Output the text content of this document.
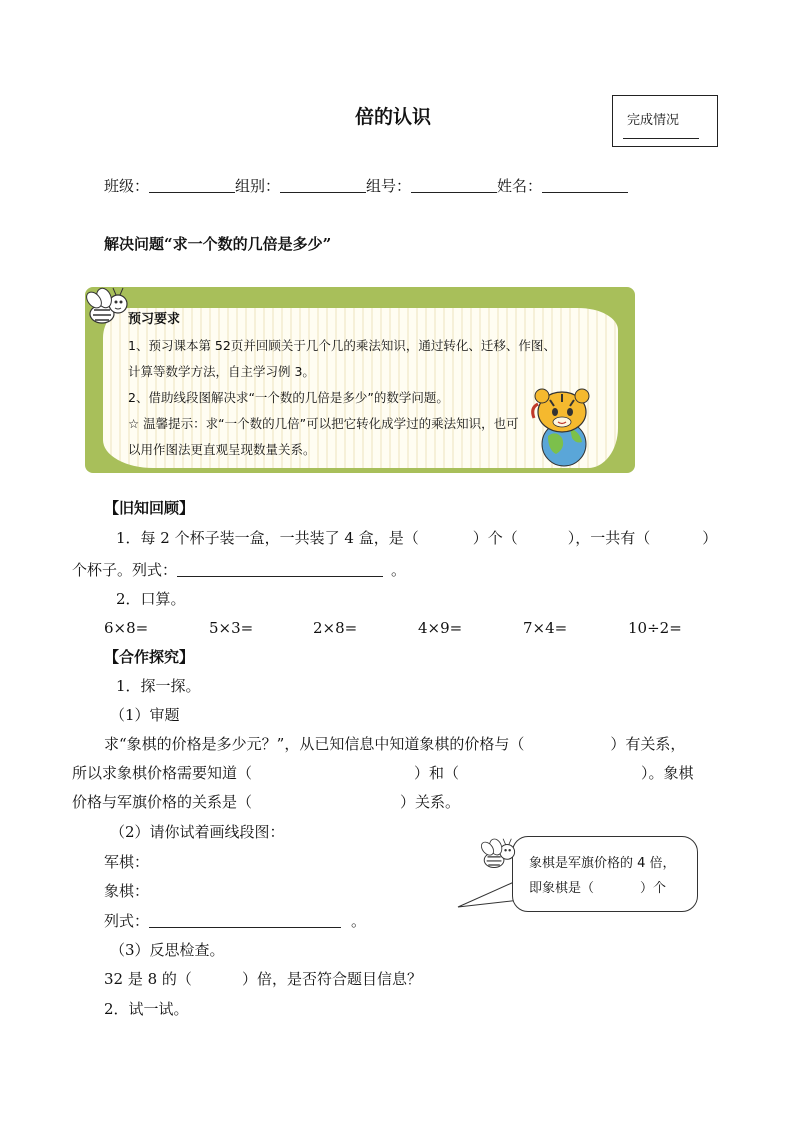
倍的认识	完成情况
班级：	组别：	组号：	姓名：
解决问题“求一个数的几倍是多少”
预习要求
1、预习课本第 52页并回顾关于几个几的乘法知识，通过转化、迁移、作图、
计算等数学方法，自主学习例 3。
2、借助线段图解决求“一个数的几倍是多少”的数学问题。
☆ 温馨提示：求“一个数的几倍”可以把它转化成学过的乘法知识，也可
以用作图法更直观呈现数量关系。
【旧知回顾】
1．每 2 个杯子装一盒，一共装了 4 盒，是（	）个（	），一共有（	）
个杯子。列式：	。
2．口算。
6×8=	5×3=	2×8=	4×9=	7×4=	10÷2=
【合作探究】
1．探一探。
（1）审题
求“象棋的价格是多少元？”，从已知信息中知道象棋的价格与（	）有关系，
所以求象棋价格需要知道（	）和（	）。象棋
价格与军旗价格的关系是（	）关系。
（2）请你试着画线段图：
军棋：
象棋：
列式：	。
象棋是军旗价格的 4 倍，
即象棋是（	）个
（3）反思检查。
32 是 8 的（	）倍，是否符合题目信息？
2．试一试。
